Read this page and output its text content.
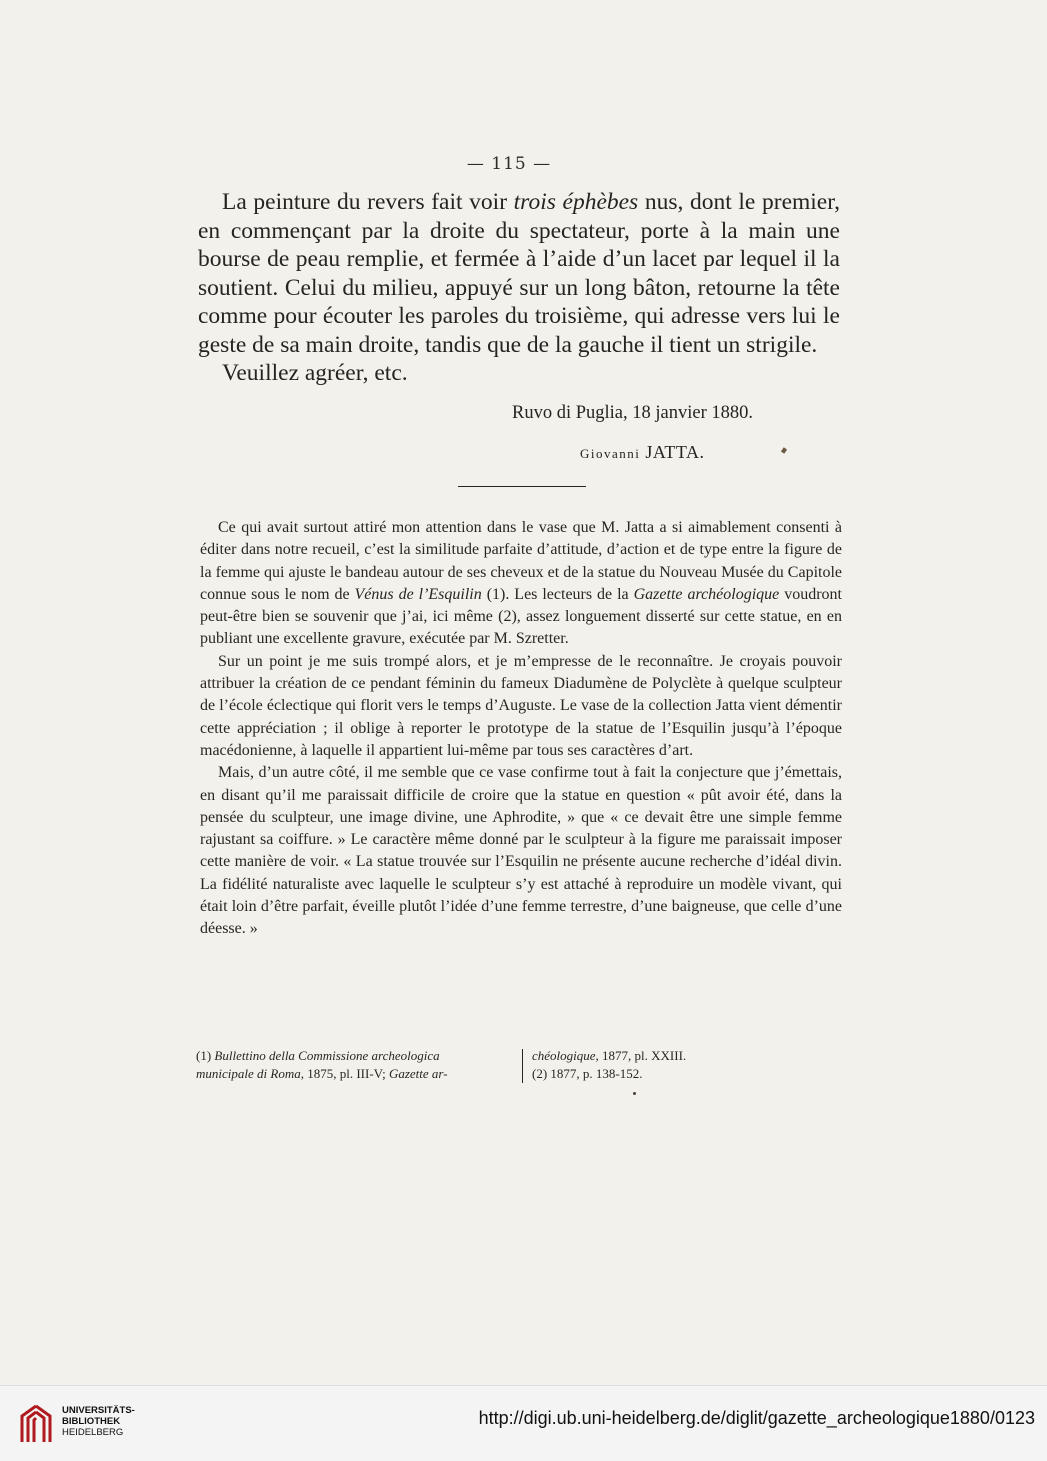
— 115 —

La peinture du revers fait voir trois éphèbes nus, dont le premier, en commençant par la droite du spectateur, porte à la main une bourse de peau remplie, et fermée à l’aide d’un lacet par lequel il la soutient. Celui du milieu, appuyé sur un long bâton, retourne la tête comme pour écouter les paroles du troisième, qui adresse vers lui le geste de sa main droite, tandis que de la gauche il tient un strigile.

Veuillez agréer, etc.

Ruvo di Puglia, 18 janvier 1880.
Giovanni JATTA.

Ce qui avait surtout attiré mon attention dans le vase que M. Jatta a si aimablement consenti à éditer dans notre recueil, c’est la similitude parfaite d’attitude, d’action et de type entre la figure de la femme qui ajuste le bandeau autour de ses cheveux et de la statue du Nouveau Musée du Capitole connue sous le nom de Vénus de l’Esquilin (1). Les lecteurs de la Gazette archéologique voudront peut-être bien se souvenir que j’ai, ici même (2), assez longuement disserté sur cette statue, en en publiant une excellente gravure, exécutée par M. Szretter.

Sur un point je me suis trompé alors, et je m’empresse de le reconnaître. Je croyais pouvoir attribuer la création de ce pendant féminin du fameux Diadumène de Polyclète à quelque sculpteur de l’école éclectique qui florit vers le temps d’Auguste. Le vase de la collection Jatta vient démentir cette appréciation ; il oblige à reporter le prototype de la statue de l’Esquilin jusqu’à l’époque macédonienne, à laquelle il appartient lui-même par tous ses caractères d’art.

Mais, d’un autre côté, il me semble que ce vase confirme tout à fait la conjecture que j’émettais, en disant qu’il me paraissait difficile de croire que la statue en question « pût avoir été, dans la pensée du sculpteur, une image divine, une Aphrodite, » que « ce devait être une simple femme rajustant sa coiffure. » Le caractère même donné par le sculpteur à la figure me paraissait imposer cette manière de voir. « La statue trouvée sur l’Esquilin ne présente aucune recherche d’idéal divin. La fidélité naturaliste avec laquelle le sculpteur s’y est attaché à reproduire un modèle vivant, qui était loin d’être parfait, éveille plutôt l’idée d’une femme terrestre, d’une baigneuse, que celle d’une déesse. »

(1) Bullettino della Commissione archeologica
municipale di Roma, 1875, pl. III-V; Gazette ar-
chéologique, 1877, pl. XXIII.
(2) 1877, p. 138-152.
UNIVERSITÄTS-
BIBLIOTHEK
HEIDELBERG
http://digi.ub.uni-heidelberg.de/diglit/gazette_archeologique1880/0123
